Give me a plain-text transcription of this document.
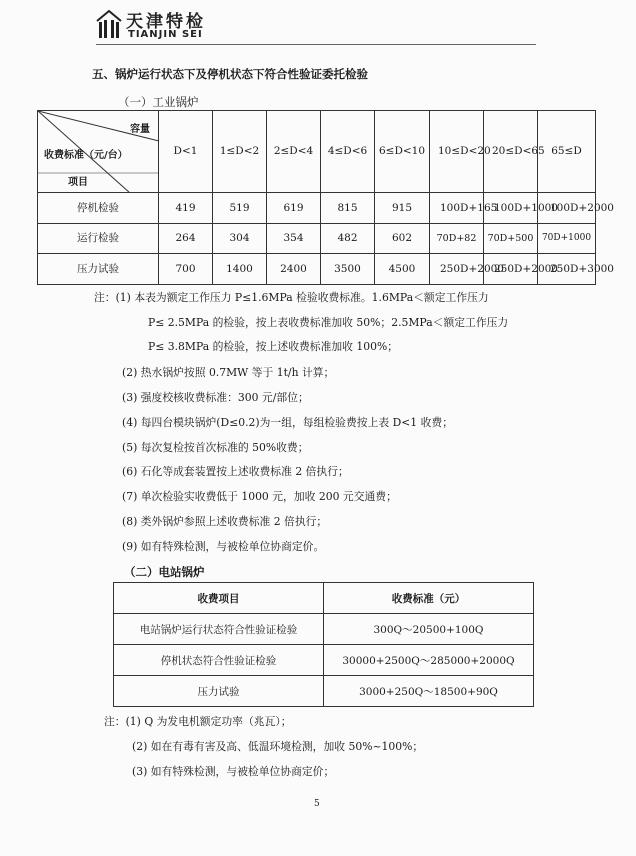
天津特检
TIANJIN SEI
五、锅炉运行状态下及停机状态下符合性验证委托检验
（一）工业锅炉
容量
收费标准（元/台）
项目	D<1	1≤D<2	2≤D<4	4≤D<6	6≤D<10	10≤D<20	20≤D<65	65≤D
停机检验	419	519	619	815	915	100D+165	100D+1000	100D+2000
运行检验	264	304	354	482	602	70D+82	70D+500	70D+1000
压力试验	700	1400	2400	3500	4500	250D+2000	250D+2000	250D+3000
注：(1) 本表为额定工作压力 P≤1.6MPa 检验收费标准。1.6MPa＜额定工作压力
P≤ 2.5MPa 的检验，按上表收费标准加收 50%；2.5MPa＜额定工作压力
P≤ 3.8MPa 的检验，按上述收费标准加收 100%；
(2) 热水锅炉按照 0.7MW 等于 1t/h 计算；
(3) 强度校核收费标准：300 元/部位；
(4) 每四台模块锅炉(D≤0.2)为一组，每组检验费按上表 D<1 收费；
(5) 每次复检按首次标准的 50%收费；
(6) 石化等成套装置按上述收费标准 2 倍执行；
(7) 单次检验实收费低于 1000 元，加收 200 元交通费；
(8) 类外锅炉参照上述收费标准 2 倍执行；
(9) 如有特殊检测，与被检单位协商定价。
（二）电站锅炉
收费项目	收费标准（元）
电站锅炉运行状态符合性验证检验	300Q～20500+100Q
停机状态符合性验证检验	30000+2500Q～285000+2000Q
压力试验	3000+250Q～18500+90Q
注：(1) Q 为发电机额定功率（兆瓦）；
(2) 如在有毒有害及高、低温环境检测，加收 50%~100%；
(3) 如有特殊检测，与被检单位协商定价；
5
